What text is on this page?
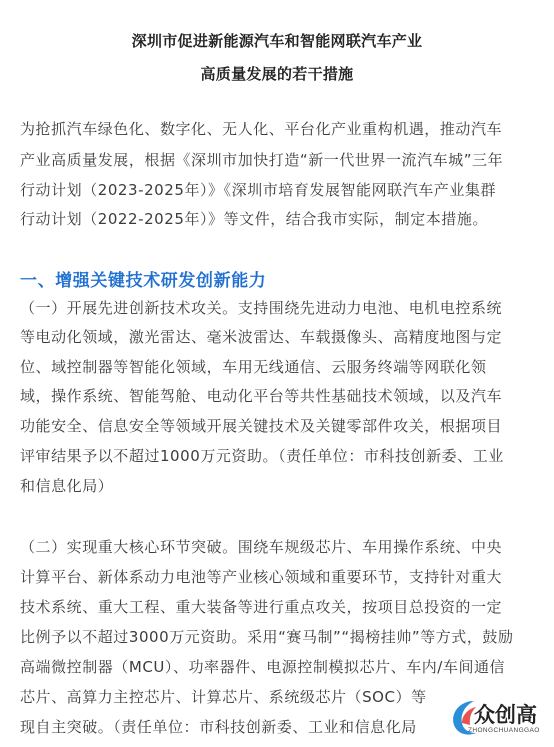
深圳市促进新能源汽车和智能网联汽车产业
高质量发展的若干措施
为抢抓汽车绿色化、数字化、无人化、平台化产业重构机遇，推动汽车
产业高质量发展，根据《深圳市加快打造“新一代世界一流汽车城”三年
行动计划（2023-2025年）》《深圳市培育发展智能网联汽车产业集群
行动计划（2022-2025年）》等文件，结合我市实际，制定本措施。
一、增强关键技术研发创新能力
（一）开展先进创新技术攻关。支持围绕先进动力电池、电机电控系统
等电动化领域，激光雷达、毫米波雷达、车载摄像头、高精度地图与定
位、域控制器等智能化领域，车用无线通信、云服务终端等网联化领
域，操作系统、智能驾舱、电动化平台等共性基础技术领域，以及汽车
功能安全、信息安全等领域开展关键技术及关键零部件攻关，根据项目
评审结果予以不超过1000万元资助。（责任单位：市科技创新委、工业
和信息化局）
（二）实现重大核心环节突破。围绕车规级芯片、车用操作系统、中央
计算平台、新体系动力电池等产业核心领域和重要环节，支持针对重大
技术系统、重大工程、重大装备等进行重点攻关，按项目总投资的一定
比例予以不超过3000万元资助。采用“赛马制”“揭榜挂帅”等方式，鼓励
高端微控制器（MCU）、功率器件、电源控制模拟芯片、车内/车间通信
芯片、高算力主控芯片、计算芯片、系统级芯片（SOC）等
现自主突破。（责任单位：市科技创新委、工业和信息化局	众创高
ZHONGCHUANGGAO
